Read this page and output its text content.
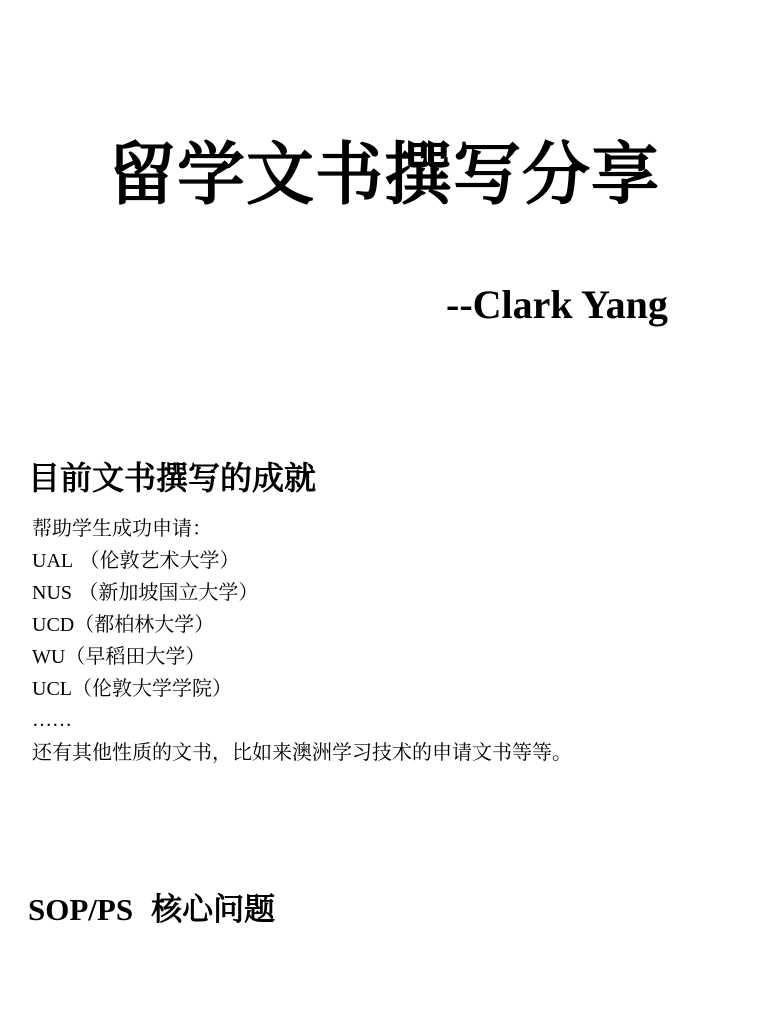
留学文书撰写分享
--Clark Yang
目前文书撰写的成就
帮助学生成功申请：
UAL （伦敦艺术大学）
NUS （新加坡国立大学）
UCD（都柏林大学）
WU（早稻田大学）
UCL（伦敦大学学院）
……
还有其他性质的文书，比如来澳洲学习技术的申请文书等等。
SOP/PS 核心问题
